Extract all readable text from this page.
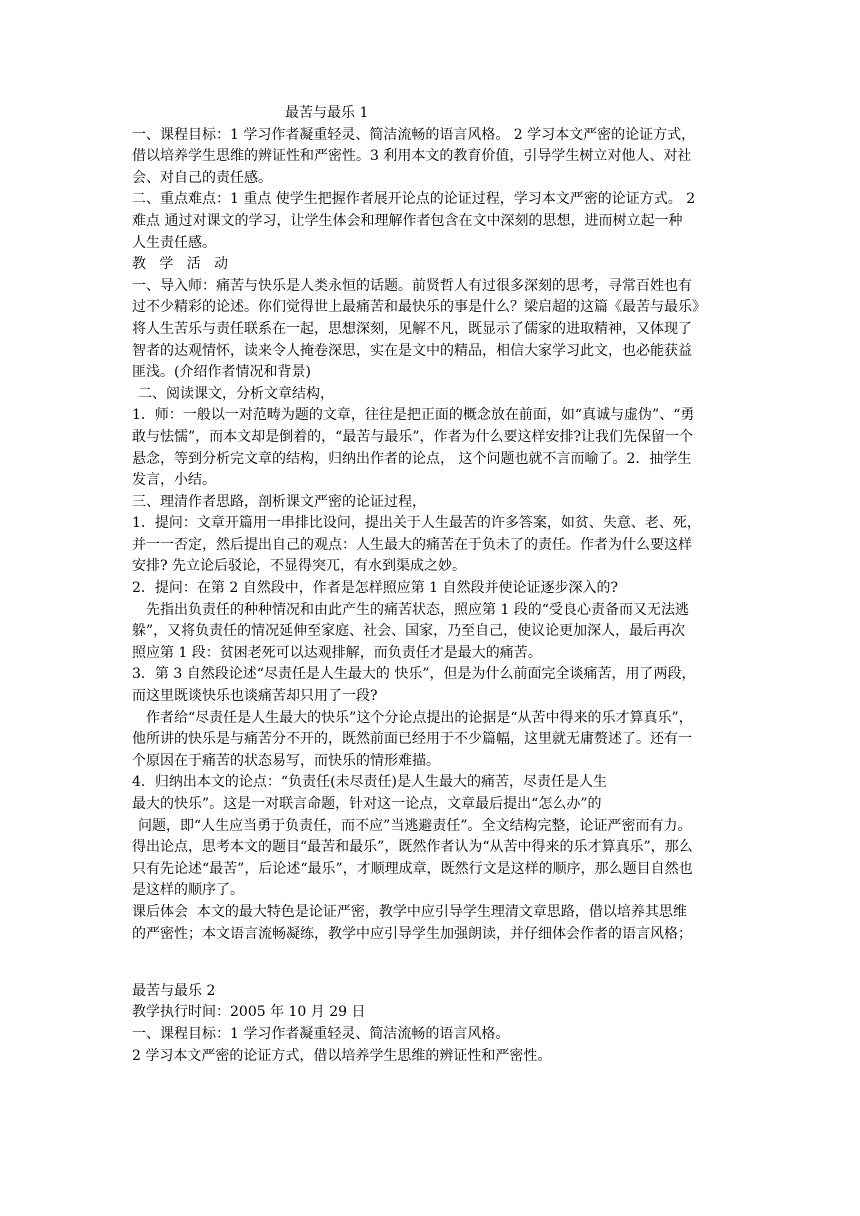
最苦与最乐 1
一、课程目标：1 学习作者凝重轻灵、简洁流畅的语言风格。 2 学习本文严密的论证方式，
借以培养学生思维的辨证性和严密性。3 利用本文的教育价值，引导学生树立对他人、对社
会、对自己的责任感。
二、重点难点：1 重点 使学生把握作者展开论点的论证过程，学习本文严密的论证方式。 2
难点 通过对课文的学习，让学生体会和理解作者包含在文中深刻的思想，进而树立起一种
人生责任感。
教   学   活   动
一、导入师：痛苦与快乐是人类永恒的话题。前贤哲人有过很多深刻的思考，寻常百姓也有
过不少精彩的论述。你们觉得世上最痛苦和最快乐的事是什么？梁启超的这篇《最苦与最乐》
将人生苦乐与责任联系在一起，思想深刻，见解不凡，既显示了儒家的进取精神，又体现了
智者的达观情怀，读来令人掩卷深思，实在是文中的精品，相信大家学习此文，也必能获益
匪浅。(介绍作者情况和背景)
二、阅读课文，分析文章结构，
1．师：一般以一对范畴为题的文章，往往是把正面的概念放在前面，如“真诚与虚伪”、“勇
敢与怯懦”，而本文却是倒着的，“最苦与最乐”，作者为什么要这样安排?让我们先保留一个
悬念，等到分析完文章的结构，归纳出作者的论点， 这个问题也就不言而喻了。2．抽学生
发言，小结。
三、理清作者思路，剖析课文严密的论证过程，
1．提问：文章开篇用一串排比设问，提出关于人生最苦的许多答案，如贫、失意、老、死，
并一一否定，然后提出自己的观点：人生最大的痛苦在于负未了的责任。作者为什么要这样
安排? 先立论后驳论，不显得突兀，有水到渠成之妙。
2．提问：在第 2 自然段中，作者是怎样照应第 1 自然段并使论证逐步深入的?
先指出负责任的种种情况和由此产生的痛苦状态，照应第 1 段的“受良心责备而又无法逃
躲”，又将负责任的情况延伸至家庭、社会、国家，乃至自己，使议论更加深人，最后再次
照应第 1 段：贫困老死可以达观排解，而负责任才是最大的痛苦。
3．第 3 自然段论述“尽责任是人生最大的 快乐”，但是为什么前面完全谈痛苦，用了两段，
而这里既谈快乐也谈痛苦却只用了一段?
作者给“尽责任是人生最大的快乐”这个分论点提出的论据是“从苦中得来的乐才算真乐”，
他所讲的快乐是与痛苦分不开的，既然前面已经用于不少篇幅，这里就无庸赘述了。还有一
个原因在于痛苦的状态易写，而快乐的情形难描。
4．归纳出本文的论点：“负责任(未尽责任)是人生最大的痛苦，尽责任是人生
最大的快乐”。这是一对联言命题，针对这一论点，文章最后提出“怎么办”的
问题，即“人生应当勇于负责任，而不应”当逃避责任”。全文结构完整，论证严密而有力。
得出论点，思考本文的题目“最苦和最乐”，既然作者认为“从苦中得来的乐才算真乐”，那么
只有先论述“最苦”，后论述“最乐”，才顺理成章，既然行文是这样的顺序，那么题目自然也
是这样的顺序了。
课后体会  本文的最大特色是论证严密，教学中应引导学生理清文章思路，借以培养其思维
的严密性；本文语言流畅凝练，教学中应引导学生加强朗读，并仔细体会作者的语言风格；
最苦与最乐 2
教学执行时间：2005 年 10 月 29 日
一、课程目标：1 学习作者凝重轻灵、简洁流畅的语言风格。
2 学习本文严密的论证方式，借以培养学生思维的辨证性和严密性。
